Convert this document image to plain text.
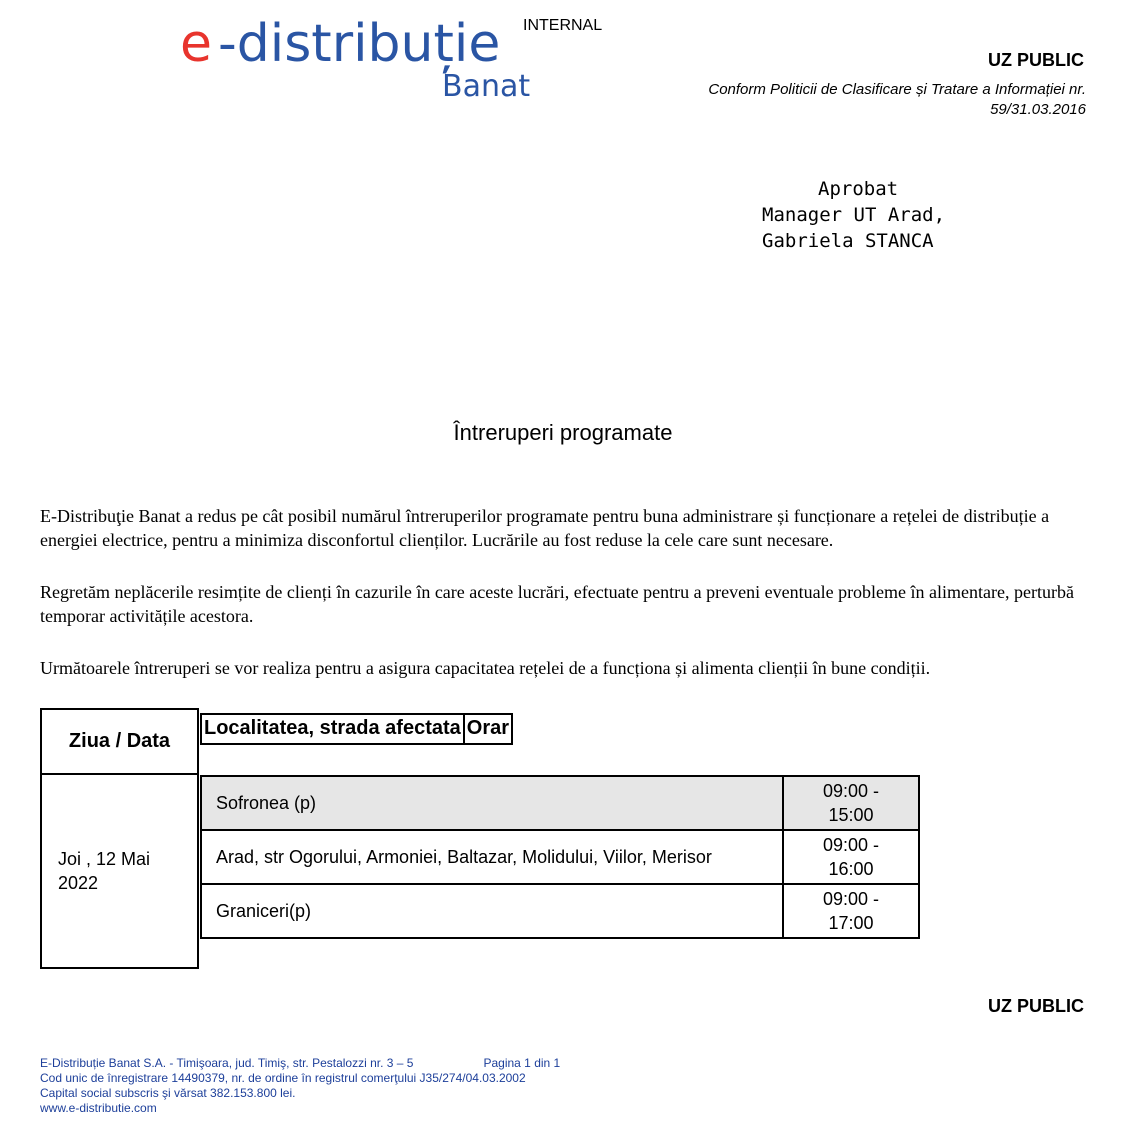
e -distribuție
Banat
INTERNAL
UZ PUBLIC
Conform Politicii de Clasificare și Tratare a Informației nr.
59/31.03.2016
Aprobat
Manager UT Arad,
Gabriela STANCA
Întreruperi programate
E-Distribuţie Banat a redus pe cât posibil numărul întreruperilor programate pentru buna administrare și funcționare a rețelei de distribuție a energiei electrice, pentru a minimiza disconfortul clienților. Lucrările au fost reduse la cele care sunt necesare.
Regretăm neplăcerile resimțite de clienți în cazurile în care aceste lucrări, efectuate pentru a preveni eventuale probleme în alimentare, perturbă temporar activitățile acestora.
Următoarele întreruperi se vor realiza pentru a asigura capacitatea rețelei de a funcționa și alimenta clienții în bune condiții.
Ziua / Data
Localitatea, strada afectata Orar
Joi , 12 Mai
2022
Sofronea (p)
09:00 -
15:00
Arad, str Ogorului, Armoniei, Baltazar, Molidului, Viilor, Merisor
09:00 -
16:00
Graniceri(p)
09:00 -
17:00
UZ PUBLIC
E-Distribuție Banat S.A. - Timişoara, jud. Timiş, str. Pestalozzi nr. 3 – 5	Pagina 1 din 1
Cod unic de înregistrare 14490379, nr. de ordine în registrul comerţului J35/274/04.03.2002
Capital social subscris şi vărsat 382.153.800 lei.
www.e-distributie.com
